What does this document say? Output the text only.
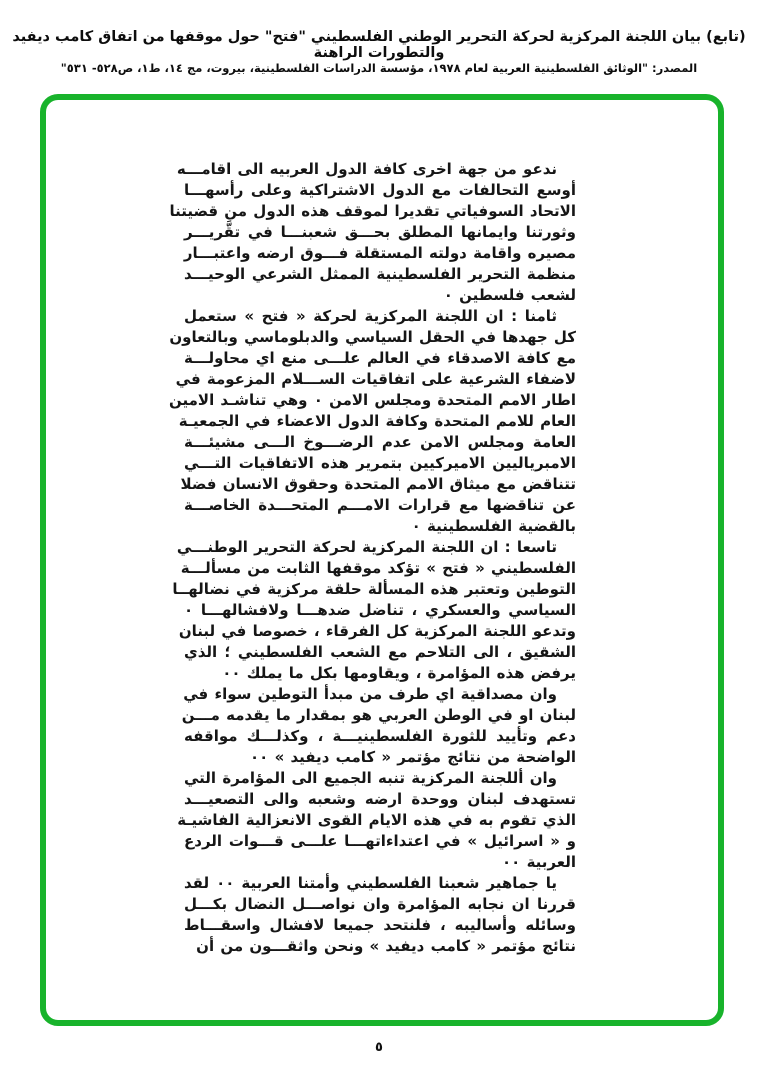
(تابع) بيان اللجنة المركزية لحركة التحرير الوطني الفلسطيني "فتح" حول موقفها من اتفاق كامب ديفيد والتطورات الراهنة
المصدر: "الوثائق الفلسطينية العربية لعام ١٩٧٨، مؤسسة الدراسات الفلسطينية، بيروت، مج ١٤، ط١، ص٥٢٨- ٥٣١"
ندعو من جهة اخرى كافة الدول العربيه الى اقامـــه
أوسع التحالفات مع الدول الاشتراكية وعلى رأسهـــا
الاتحاد السوفياتي تقديرا لموقف هذه الدول من قضيتنا
وثورتنا وايمانها المطلق بحـــق شعبنـــا في تقَّريـــر
مصيره واقامة دولته المستقلة فـــوق ارضه واعتبـــار
منظمة التحرير الفلسطينية الممثل الشرعي الوحيـــد
لشعب فلسطين ٠
ثامنا : ان اللجنة المركزية لحركة « فتح » ستعمل
كل جهدها في الحقل السياسي والدبلوماسي وبالتعاون
مع كافة الاصدقاء في العالم علـــى منع اي محاولـــة
لاضفاء الشرعية على اتفاقيات الســـلام المزعومة في
اطار الامم المتحدة ومجلس الامن ٠ وهي تناشـد الامين
العام للامم المتحدة وكافة الدول الاعضاء في الجمعيـة
العامة ومجلس الامن عدم الرضـــوخ الـــى مشيئـــة
الامبرياليين الاميركيين بتمرير هذه الاتفاقيات التـــي
تتناقض مع ميثاق الامم المتحدة وحقوق الانسان فضلا
عن تناقضها مع قرارات الامـــم المتحـــدة الخاصـــة
بالقضية الفلسطينية ٠
تاسعا : ان اللجنة المركزية لحركة التحرير الوطنـــي
الفلسطيني « فتح » تؤكد موقفها الثابت من مسألـــة
التوطين وتعتبر هذه المسألة حلقة مركزية في نضالهــا
السياسي والعسكري ، تناضل ضدهـــا ولافشالهـــا ٠
وتدعو اللجنة المركزية كل الفرقاء ، خصوصا في لبنان
الشقيق ، الى التلاحم مع الشعب الفلسطيني ؛ الذي
يرفض هذه المؤامرة ، ويقاومها بكل ما يملك ٠٠
وان مصداقية اي طرف من مبدأ التوطين سواء في
لبنان او في الوطن العربي هو بمقدار ما يقدمه مـــن
دعم وتأييد للثورة الفلسطينيـــة ، وكذلـــك مواقفه
الواضحة من نتائج مؤتمر « كامب ديفيد » ٠٠
وان أللجنة المركزية تنبه الجميع الى المؤامرة التي
تستهدف لبنان ووحدة ارضه وشعبه والى التصعيـــد
الذي تقوم به في هذه الايام القوى الانعزالية الفاشيـة
و « اسرائيل » في اعتداءاتهـــا علـــى قـــوات الردع
العربية ٠٠
يا جماهير شعبنا الفلسطيني وأمتنا العربية ٠٠ لقد
قررنا ان نجابه المؤامرة وان نواصـــل النضال بكـــل
وسائله وأساليبه ، فلنتحد جميعا لافشال واسقـــاط
نتائج مؤتمر « كامب ديفيد » ونحن واثقـــون من أن
٥
